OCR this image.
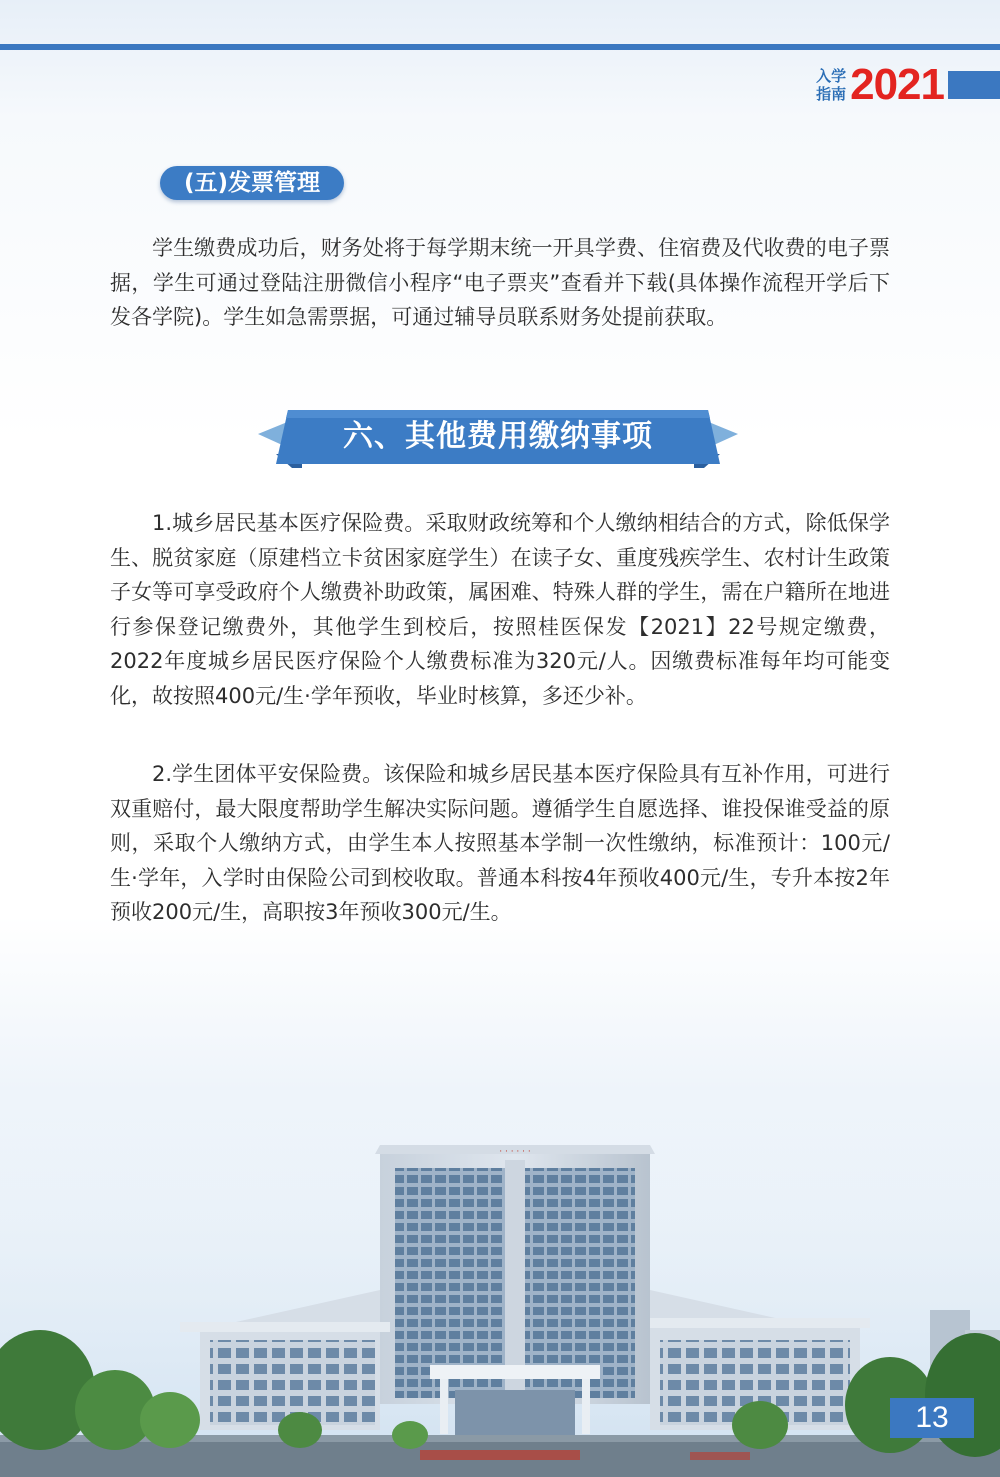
入学
指南 2021
(五)发票管理

学生缴费成功后，财务处将于每学期末统一开具学费、住宿费及代收费的电子票据，学生可通过登陆注册微信小程序“电子票夹”查看并下载(具体操作流程开学后下发各学院)。学生如急需票据，可通过辅导员联系财务处提前获取。

六、其他费用缴纳事项

1.城乡居民基本医疗保险费。采取财政统筹和个人缴纳相结合的方式，除低保学生、脱贫家庭（原建档立卡贫困家庭学生）在读子女、重度残疾学生、农村计生政策子女等可享受政府个人缴费补助政策，属困难、特殊人群的学生，需在户籍所在地进行参保登记缴费外，其他学生到校后，按照桂医保发【2021】22号规定缴费，2022年度城乡居民医疗保险个人缴费标准为320元/人。因缴费标准每年均可能变化，故按照400元/生·学年预收，毕业时核算，多还少补。

2.学生团体平安保险费。该保险和城乡居民基本医疗保险具有互补作用，可进行双重赔付，最大限度帮助学生解决实际问题。遵循学生自愿选择、谁投保谁受益的原则，采取个人缴纳方式，由学生本人按照基本学制一次性缴纳，标准预计：100元/生·学年，入学时由保险公司到校收取。普通本科按4年预收400元/生，专升本按2年预收200元/生，高职按3年预收300元/生。

· · · · · ·
13
